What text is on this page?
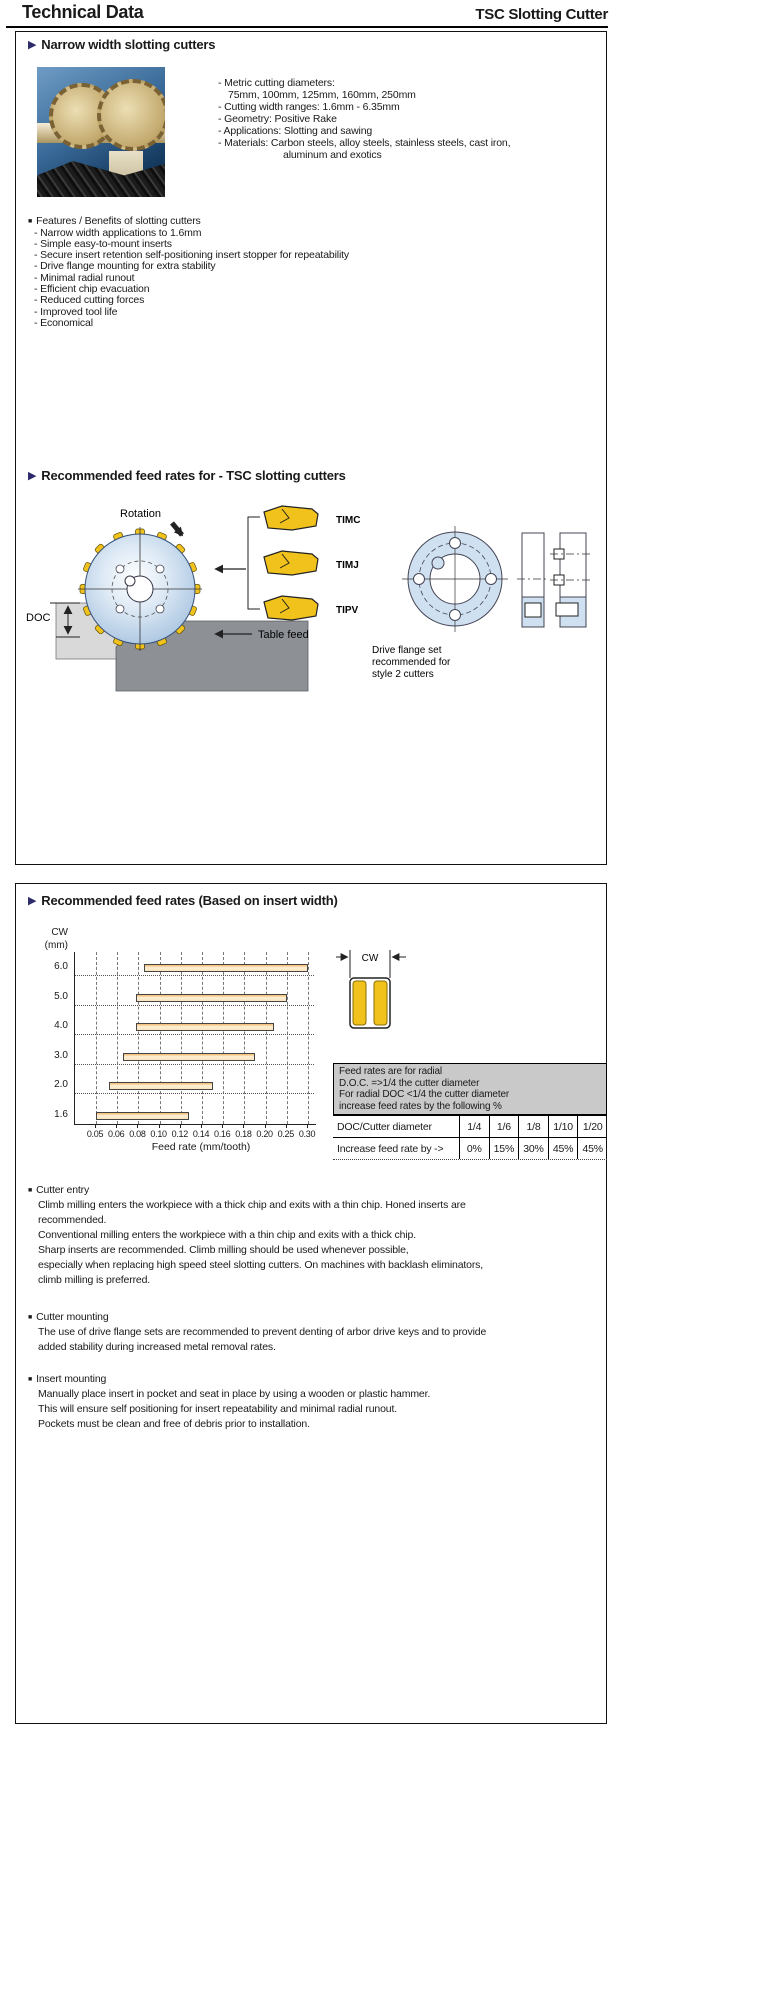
Technical Data	TSC Slotting Cutter
▶ Narrow width slotting cutters
- Metric cutting diameters:
75mm, 100mm, 125mm, 160mm, 250mm
- Cutting width ranges: 1.6mm - 6.35mm
- Geometry: Positive Rake
- Applications: Slotting and sawing
- Materials: Carbon steels, alloy steels, stainless steels, cast iron,
aluminum and exotics
■ Features / Benefits of slotting cutters
- Narrow width applications to 1.6mm
- Simple easy-to-mount inserts
- Secure insert retention self-positioning insert stopper for repeatability
- Drive flange mounting for extra stability
- Minimal radial runout
- Efficient chip evacuation
- Reduced cutting forces
- Improved tool life
- Economical
▶ Recommended feed rates for - TSC slotting cutters
Rotation
DOC
Table feed
TIMC
TIMJ
TIPV
Drive flange set
recommended for
style 2 cutters
▶ Recommended feed rates (Based on insert width)
CW
(mm)
6.0
5.0
4.0
3.0
2.0
1.6
0.05 0.06 0.08 0.10 0.12 0.14 0.16 0.18 0.20 0.25 0.30
Feed rate (mm/tooth)
CW
Feed rates are for radial
D.O.C. =>1/4 the cutter diameter
For radial DOC <1/4 the cutter diameter
increase feed rates by the following %
DOC/Cutter diameter	1/4	1/6	1/8	1/10 1/20
Increase feed rate by ->	0%	15% 30% 45% 45%
■ Cutter entry
Climb milling enters the workpiece with a thick chip and exits with a thin chip. Honed inserts are
recommended.
Conventional milling enters the workpiece with a thin chip and exits with a thick chip.
Sharp inserts are recommended. Climb milling should be used whenever possible,
especially when replacing high speed steel slotting cutters. On machines with backlash eliminators,
climb milling is preferred.
■ Cutter mounting
The use of drive flange sets are recommended to prevent denting of arbor drive keys and to provide
added stability during increased metal removal rates.
■ Insert mounting
Manually place insert in pocket and seat in place by using a wooden or plastic hammer.
This will ensure self positioning for insert repeatability and minimal radial runout.
Pockets must be clean and free of debris prior to installation.
